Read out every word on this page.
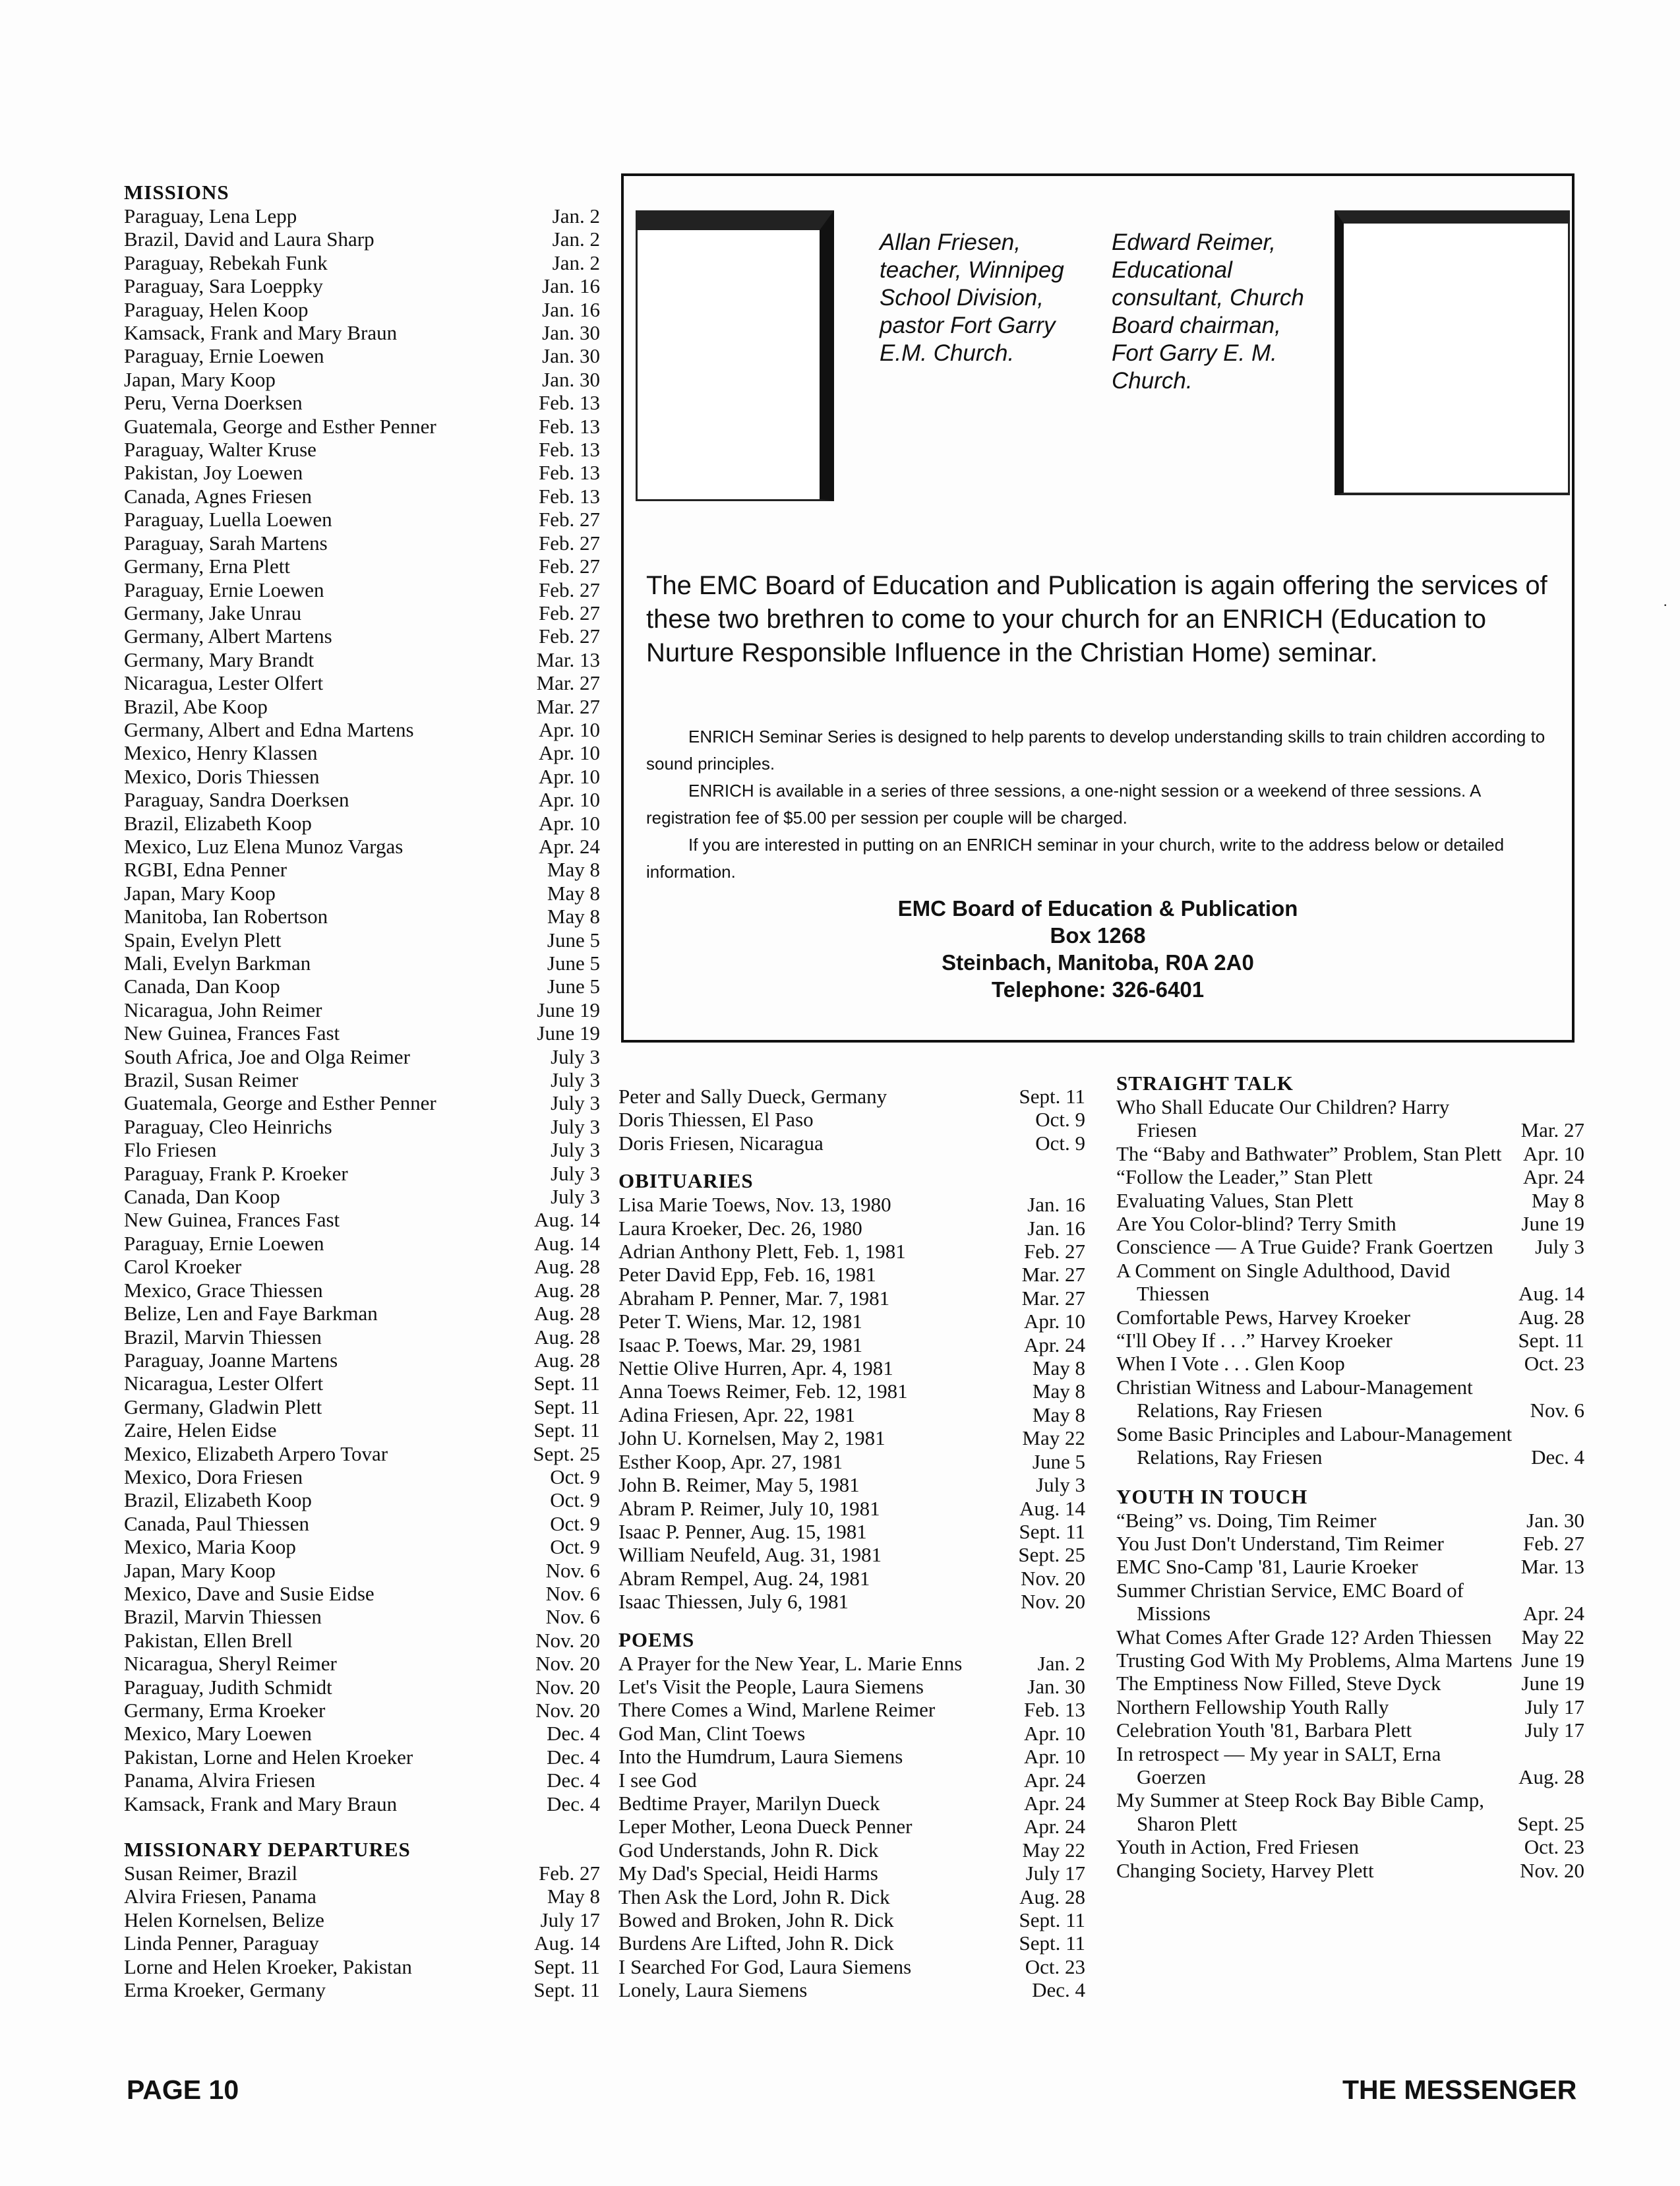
MISSIONS
Paraguay, Lena Lepp	Jan. 2
Brazil, David and Laura Sharp	Jan. 2
Paraguay, Rebekah Funk	Jan. 2
Paraguay, Sara Loeppky	Jan. 16
Paraguay, Helen Koop	Jan. 16
Kamsack, Frank and Mary Braun	Jan. 30
Paraguay, Ernie Loewen	Jan. 30
Japan, Mary Koop	Jan. 30
Peru, Verna Doerksen	Feb. 13
Guatemala, George and Esther Penner	Feb. 13
Paraguay, Walter Kruse	Feb. 13
Pakistan, Joy Loewen	Feb. 13
Canada, Agnes Friesen	Feb. 13
Paraguay, Luella Loewen	Feb. 27
Paraguay, Sarah Martens	Feb. 27
Germany, Erna Plett	Feb. 27
Paraguay, Ernie Loewen	Feb. 27
Germany, Jake Unrau	Feb. 27
Germany, Albert Martens	Feb. 27
Germany, Mary Brandt	Mar. 13
Nicaragua, Lester Olfert	Mar. 27
Brazil, Abe Koop	Mar. 27
Germany, Albert and Edna Martens	Apr. 10
Mexico, Henry Klassen	Apr. 10
Mexico, Doris Thiessen	Apr. 10
Paraguay, Sandra Doerksen	Apr. 10
Brazil, Elizabeth Koop	Apr. 10
Mexico, Luz Elena Munoz Vargas	Apr. 24
RGBI, Edna Penner	May 8
Japan, Mary Koop	May 8
Manitoba, Ian Robertson	May 8
Spain, Evelyn Plett	June 5
Mali, Evelyn Barkman	June 5
Canada, Dan Koop	June 5
Nicaragua, John Reimer	June 19
New Guinea, Frances Fast	June 19
South Africa, Joe and Olga Reimer	July 3
Brazil, Susan Reimer	July 3
Guatemala, George and Esther Penner	July 3
Paraguay, Cleo Heinrichs	July 3
Flo Friesen	July 3
Paraguay, Frank P. Kroeker	July 3
Canada, Dan Koop	July 3
New Guinea, Frances Fast	Aug. 14
Paraguay, Ernie Loewen	Aug. 14
Carol Kroeker	Aug. 28
Mexico, Grace Thiessen	Aug. 28
Belize, Len and Faye Barkman	Aug. 28
Brazil, Marvin Thiessen	Aug. 28
Paraguay, Joanne Martens	Aug. 28
Nicaragua, Lester Olfert	Sept. 11
Germany, Gladwin Plett	Sept. 11
Zaire, Helen Eidse	Sept. 11
Mexico, Elizabeth Arpero Tovar	Sept. 25
Mexico, Dora Friesen	Oct. 9
Brazil, Elizabeth Koop	Oct. 9
Canada, Paul Thiessen	Oct. 9
Mexico, Maria Koop	Oct. 9
Japan, Mary Koop	Nov. 6
Mexico, Dave and Susie Eidse	Nov. 6
Brazil, Marvin Thiessen	Nov. 6
Pakistan, Ellen Brell	Nov. 20
Nicaragua, Sheryl Reimer	Nov. 20
Paraguay, Judith Schmidt	Nov. 20
Germany, Erma Kroeker	Nov. 20
Mexico, Mary Loewen	Dec. 4
Pakistan, Lorne and Helen Kroeker	Dec. 4
Panama, Alvira Friesen	Dec. 4
Kamsack, Frank and Mary Braun	Dec. 4
MISSIONARY DEPARTURES
Susan Reimer, Brazil	Feb. 27
Alvira Friesen, Panama	May 8
Helen Kornelsen, Belize	July 17
Linda Penner, Paraguay	Aug. 14
Lorne and Helen Kroeker, Pakistan	Sept. 11
Erma Kroeker, Germany	Sept. 11
Allan Friesen, teacher, Winnipeg School Division, pastor Fort Garry E.M. Church.
Edward Reimer, Educational consultant, Church Board chairman, Fort Garry E. M. Church.

The EMC Board of Education and Publication is again offering the services of these two brethren to come to your church for an ENRICH (Education to Nurture Responsible Influence in the Christian Home) seminar.

ENRICH Seminar Series is designed to help parents to develop understanding skills to train children according to sound principles.

ENRICH is available in a series of three sessions, a one-night session or a weekend of three sessions. A registration fee of $5.00 per session per couple will be charged.

If you are interested in putting on an ENRICH seminar in your church, write to the address below or detailed information.

EMC Board of Education & Publication
Box 1268
Steinbach, Manitoba, R0A 2A0
Telephone: 326-6401
Peter and Sally Dueck, Germany	Sept. 11
Doris Thiessen, El Paso	Oct. 9
Doris Friesen, Nicaragua	Oct. 9
OBITUARIES
Lisa Marie Toews, Nov. 13, 1980	Jan. 16
Laura Kroeker, Dec. 26, 1980	Jan. 16
Adrian Anthony Plett, Feb. 1, 1981	Feb. 27
Peter David Epp, Feb. 16, 1981	Mar. 27
Abraham P. Penner, Mar. 7, 1981	Mar. 27
Peter T. Wiens, Mar. 12, 1981	Apr. 10
Isaac P. Toews, Mar. 29, 1981	Apr. 24
Nettie Olive Hurren, Apr. 4, 1981	May 8
Anna Toews Reimer, Feb. 12, 1981	May 8
Adina Friesen, Apr. 22, 1981	May 8
John U. Kornelsen, May 2, 1981	May 22
Esther Koop, Apr. 27, 1981	June 5
John B. Reimer, May 5, 1981	July 3
Abram P. Reimer, July 10, 1981	Aug. 14
Isaac P. Penner, Aug. 15, 1981	Sept. 11
William Neufeld, Aug. 31, 1981	Sept. 25
Abram Rempel, Aug. 24, 1981	Nov. 20
Isaac Thiessen, July 6, 1981	Nov. 20
POEMS
A Prayer for the New Year, L. Marie Enns	Jan. 2
Let's Visit the People, Laura Siemens	Jan. 30
There Comes a Wind, Marlene Reimer	Feb. 13
God Man, Clint Toews	Apr. 10
Into the Humdrum, Laura Siemens	Apr. 10
I see God	Apr. 24
Bedtime Prayer, Marilyn Dueck	Apr. 24
Leper Mother, Leona Dueck Penner	Apr. 24
God Understands, John R. Dick	May 22
My Dad's Special, Heidi Harms	July 17
Then Ask the Lord, John R. Dick	Aug. 28
Bowed and Broken, John R. Dick	Sept. 11
Burdens Are Lifted, John R. Dick	Sept. 11
I Searched For God, Laura Siemens	Oct. 23
Lonely, Laura Siemens	Dec. 4
STRAIGHT TALK
Who Shall Educate Our Children? Harry Friesen	Mar. 27
The “Baby and Bathwater” Problem, Stan Plett	Apr. 10
“Follow the Leader,” Stan Plett	Apr. 24
Evaluating Values, Stan Plett	May 8
Are You Color-blind? Terry Smith	June 19
Conscience — A True Guide? Frank Goertzen	July 3
A Comment on Single Adulthood, David Thiessen	Aug. 14
Comfortable Pews, Harvey Kroeker	Aug. 28
“I'll Obey If . . .” Harvey Kroeker	Sept. 11
When I Vote . . . Glen Koop	Oct. 23
Christian Witness and Labour-Management Relations, Ray Friesen	Nov. 6
Some Basic Principles and Labour-Management Relations, Ray Friesen	Dec. 4
YOUTH IN TOUCH
“Being” vs. Doing, Tim Reimer	Jan. 30
You Just Don't Understand, Tim Reimer	Feb. 27
EMC Sno-Camp '81, Laurie Kroeker	Mar. 13
Summer Christian Service, EMC Board of Missions	Apr. 24
What Comes After Grade 12? Arden Thiessen	May 22
Trusting God With My Problems, Alma Martens June 19
The Emptiness Now Filled, Steve Dyck	June 19
Northern Fellowship Youth Rally	July 17
Celebration Youth '81, Barbara Plett	July 17
In retrospect — My year in SALT, Erna Goerzen	Aug. 28
My Summer at Steep Rock Bay Bible Camp, Sharon Plett	Sept. 25
Youth in Action, Fred Friesen	Oct. 23
Changing Society, Harvey Plett	Nov. 20
PAGE 10	THE MESSENGER
·
